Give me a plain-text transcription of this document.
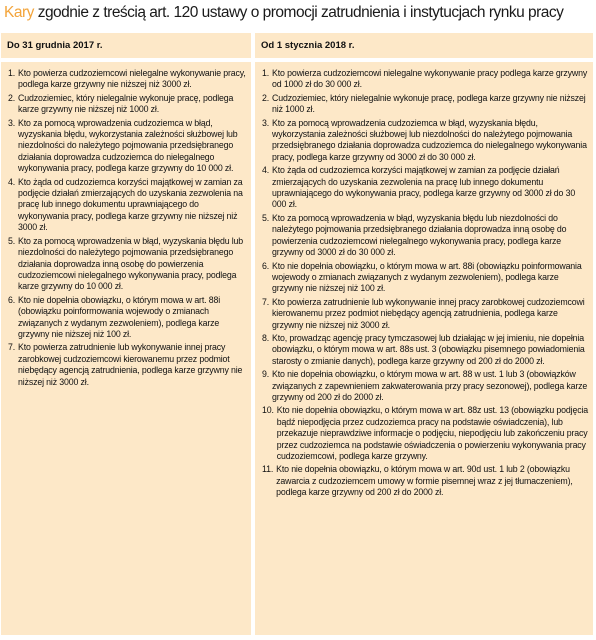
Kary zgodnie z treścią art. 120 ustawy o promocji zatrudnienia i instytucjach rynku pracy
Do 31 grudnia 2017 r.
1. Kto powierza cudzoziemcowi nielegalne wykonywanie pracy, podlega karze grzywny nie niższej niż 3000 zł.
2. Cudzoziemiec, który nielegalnie wykonuje pracę, podlega karze grzywny nie niższej niż 1000 zł.
3. Kto za pomocą wprowadzenia cudzoziemca w błąd, wyzyskania błędu, wykorzystania zależności służbowej lub niezdolności do należytego pojmowania przedsiębranego działania doprowadza cudzoziemca do nielegalnego wykonywania pracy, podlega karze grzywny do 10 000 zł.
4. Kto żąda od cudzoziemca korzyści majątkowej w zamian za podjęcie działań zmierzających do uzyskania zezwolenia na pracę lub innego dokumentu uprawniającego do wykonywania pracy, podlega karze grzywny nie niższej niż 3000 zł.
5. Kto za pomocą wprowadzenia w błąd, wyzyskania błędu lub niezdolności do należytego pojmowania przedsiębranego działania doprowadza inną osobę do powierzenia cudzoziemcowi nielegalnego wykonywania pracy, podlega karze grzywny do 10 000 zł.
6. Kto nie dopełnia obowiązku, o którym mowa w art. 88i (obowiązku poinformowania wojewody o zmianach związanych z wydanym zezwoleniem), podlega karze grzywny nie niższej niż 100 zł.
7. Kto powierza zatrudnienie lub wykonywanie innej pracy zarobkowej cudzoziemcowi kierowanemu przez podmiot niebędący agencją zatrudnienia, podlega karze grzywny nie niższej niż 3000 zł.
Od 1 stycznia 2018 r.
1. Kto powierza cudzoziemcowi nielegalne wykonywanie pracy podlega karze grzywny od 1000 zł do 30 000 zł.
2. Cudzoziemiec, który nielegalnie wykonuje pracę, podlega karze grzywny nie niższej niż 1000 zł.
3. Kto za pomocą wprowadzenia cudzoziemca w błąd, wyzyskania błędu, wykorzystania zależności służbowej lub niezdolności do należytego pojmowania przedsiębranego działania doprowadza cudzoziemca do nielegalnego wykonywania pracy, podlega karze grzywny od 3000 zł do 30 000 zł.
4. Kto żąda od cudzoziemca korzyści majątkowej w zamian za podjęcie działań zmierzających do uzyskania zezwolenia na pracę lub innego dokumentu uprawniającego do wykonywania pracy, podlega karze grzywny od 3000 zł do 30 000 zł.
5. Kto za pomocą wprowadzenia w błąd, wyzyskania błędu lub niezdolności do należytego pojmowania przedsiębranego działania doprowadza inną osobę do powierzenia cudzoziemcowi nielegalnego wykonywania pracy, podlega karze grzywny od 3000 zł do 30 000 zł.
6. Kto nie dopełnia obowiązku, o którym mowa w art. 88i (obowiązku poinformowania wojewody o zmianach związanych z wydanym zezwoleniem), podlega karze grzywny nie niższej niż 100 zł.
7. Kto powierza zatrudnienie lub wykonywanie innej pracy zarobkowej cudzoziemcowi kierowanemu przez podmiot niebędący agencją zatrudnienia, podlega karze grzywny nie niższej niż 3000 zł.
8. Kto, prowadząc agencję pracy tymczasowej lub działając w jej imieniu, nie dopełnia obowiązku, o którym mowa w art. 88s ust. 3 (obowiązku pisemnego powiadomienia starosty o zmianie danych), podlega karze grzywny od 200 zł do 2000 zł.
9. Kto nie dopełnia obowiązku, o którym mowa w art. 88 w ust. 1 lub 3 (obowiązków związanych z zapewnieniem zakwaterowania przy pracy sezonowej), podlega karze grzywny od 200 zł do 2000 zł.
10. Kto nie dopełnia obowiązku, o którym mowa w art. 88z ust. 13 (obowiązku podjęcia bądź niepodjęcia przez cudzoziemca pracy na podstawie oświadczenia), lub przekazuje nieprawdziwe informacje o podjęciu, niepodjęciu lub zakończeniu pracy przez cudzoziemca na podstawie oświadczenia o powierzeniu wykonywania pracy cudzoziemcowi, podlega karze grzywny.
11. Kto nie dopełnia obowiązku, o którym mowa w art. 90d ust. 1 lub 2 (obowiązku zawarcia z cudzoziemcem umowy w formie pisemnej wraz z jej tłumaczeniem), podlega karze grzywny od 200 zł do 2000 zł.
